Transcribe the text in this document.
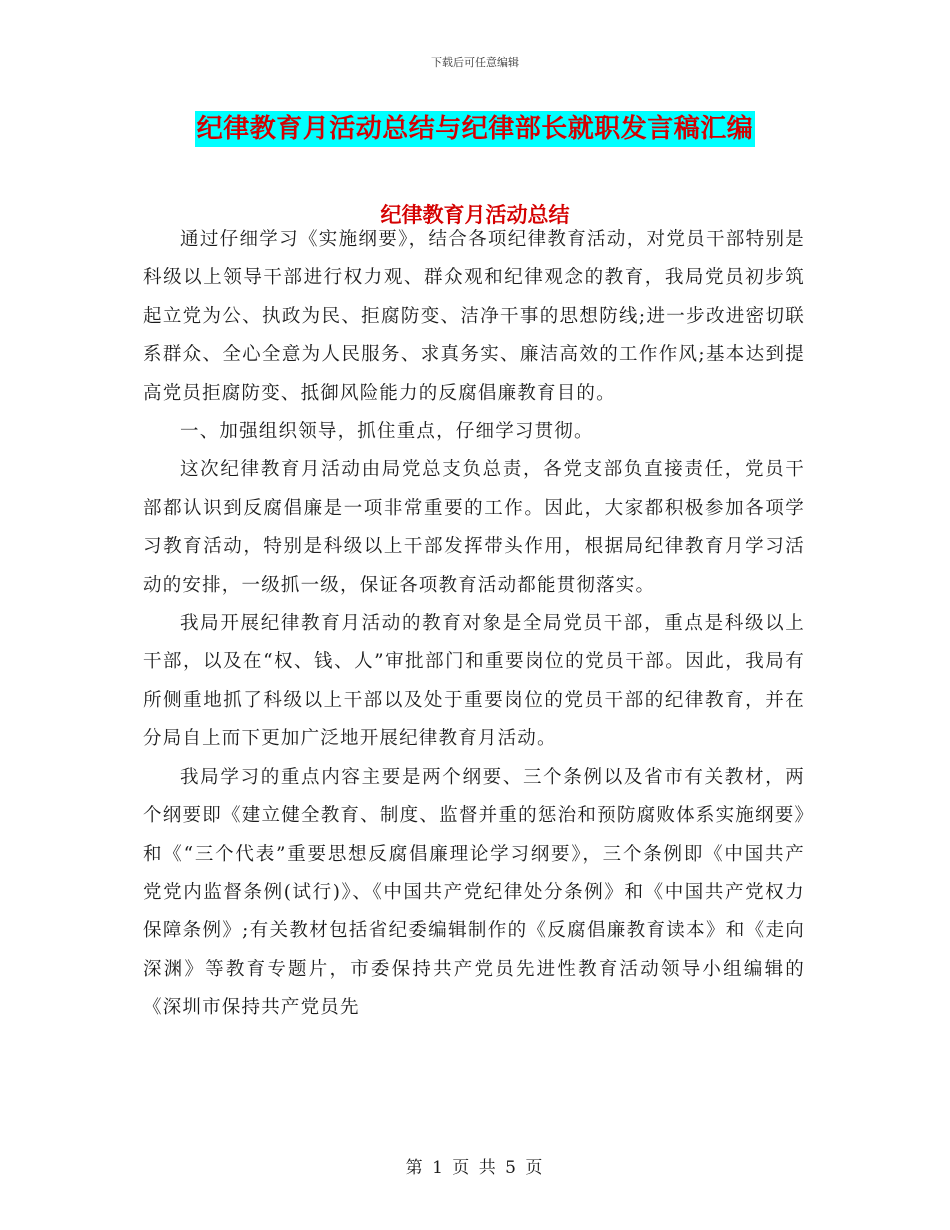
下载后可任意编辑
纪律教育月活动总结与纪律部长就职发言稿汇编
纪律教育月活动总结

通过仔细学习《实施纲要》，结合各项纪律教育活动，对党员干部特别是科级以上领导干部进行权力观、群众观和纪律观念的教育，我局党员初步筑起立党为公、执政为民、拒腐防变、洁净干事的思想防线;进一步改进密切联系群众、全心全意为人民服务、求真务实、廉洁高效的工作作风;基本达到提高党员拒腐防变、抵御风险能力的反腐倡廉教育目的。

一、加强组织领导，抓住重点，仔细学习贯彻。

这次纪律教育月活动由局党总支负总责，各党支部负直接责任，党员干部都认识到反腐倡廉是一项非常重要的工作。因此，大家都积极参加各项学习教育活动，特别是科级以上干部发挥带头作用，根据局纪律教育月学习活动的安排，一级抓一级，保证各项教育活动都能贯彻落实。

我局开展纪律教育月活动的教育对象是全局党员干部，重点是科级以上干部，以及在“权、钱、人”审批部门和重要岗位的党员干部。因此，我局有所侧重地抓了科级以上干部以及处于重要岗位的党员干部的纪律教育，并在分局自上而下更加广泛地开展纪律教育月活动。

我局学习的重点内容主要是两个纲要、三个条例以及省市有关教材，两个纲要即《建立健全教育、制度、监督并重的惩治和预防腐败体系实施纲要》和《“三个代表”重要思想反腐倡廉理论学习纲要》，三个条例即《中国共产党党内监督条例(试行)》、《中国共产党纪律处分条例》和《中国共产党权力保障条例》;有关教材包括省纪委编辑制作的《反腐倡廉教育读本》和《走向深渊》等教育专题片，市委保持共产党员先进性教育活动领导小组编辑的《深圳市保持共产党员先

第 1 页 共 5 页
